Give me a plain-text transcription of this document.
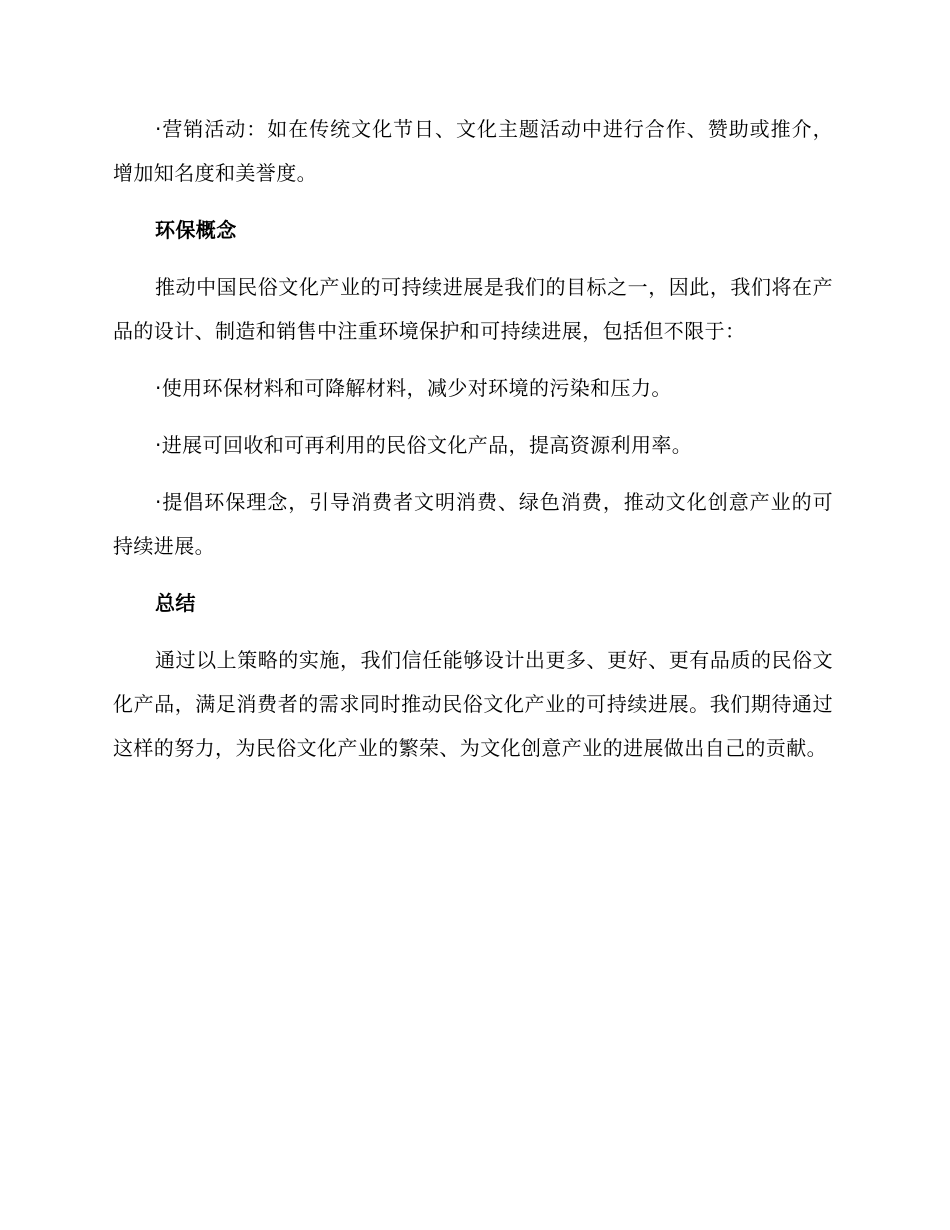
·营销活动：如在传统文化节日、文化主题活动中进行合作、赞助或推介，增加知名度和美誉度。

环保概念

推动中国民俗文化产业的可持续进展是我们的目标之一，因此，我们将在产品的设计、制造和销售中注重环境保护和可持续进展，包括但不限于：

·使用环保材料和可降解材料，减少对环境的污染和压力。

·进展可回收和可再利用的民俗文化产品，提高资源利用率。

·提倡环保理念，引导消费者文明消费、绿色消费，推动文化创意产业的可持续进展。

总结

通过以上策略的实施，我们信任能够设计出更多、更好、更有品质的民俗文化产品，满足消费者的需求同时推动民俗文化产业的可持续进展。我们期待通过这样的努力，为民俗文化产业的繁荣、为文化创意产业的进展做出自己的贡献。
